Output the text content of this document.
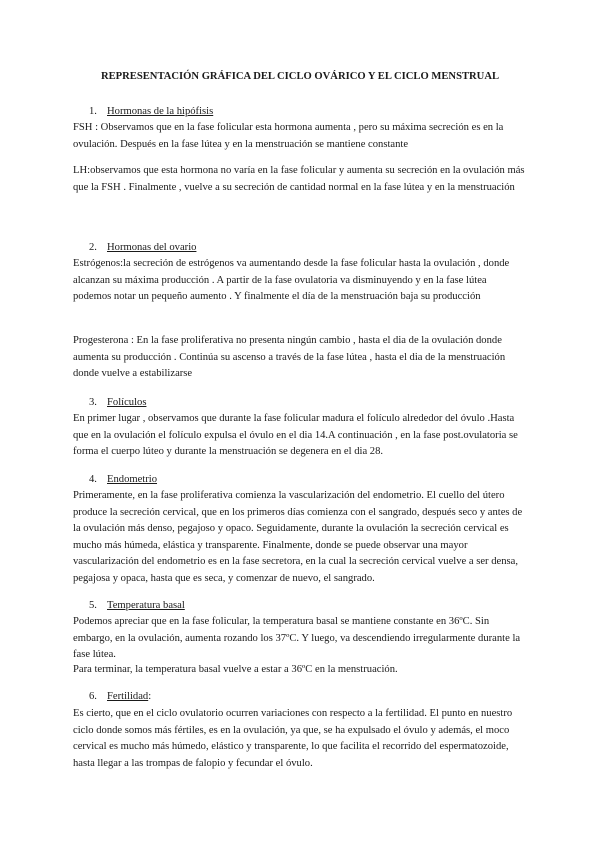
REPRESENTACIÓN GRÁFICA DEL CICLO OVÁRICO Y EL CICLO MENSTRUAL
1. Hormonas de la hipófisis
FSH : Observamos que en la fase folicular esta hormona aumenta , pero su máxima secreción es en la ovulación. Después en la fase lútea y en la menstruación se mantiene constante
LH:observamos que esta hormona no varía en la fase folicular y aumenta su secreción en la ovulación más que la FSH . Finalmente , vuelve a su secreción de cantidad normal en la fase lútea y en la menstruación
2. Hormonas del ovario
Estrógenos:la secreción de estrógenos va aumentando desde la fase folicular hasta la ovulación , donde alcanzan su máxima producción . A partir de la fase ovulatoria va disminuyendo y en la fase lútea podemos notar un pequeño aumento . Y finalmente el día de la menstruación baja su producción
Progesterona : En la fase proliferativa no presenta ningún cambio , hasta el dia de la ovulación donde aumenta su producción . Continúa su ascenso a través de la fase lútea , hasta el dia de la menstruación donde vuelve a estabilizarse
3. Folículos
En primer lugar , observamos que durante la fase folicular madura el folículo alrededor del óvulo .Hasta que en la ovulación el folículo expulsa el óvulo en el dia 14.A continuación , en la fase post.ovulatoria se forma el cuerpo lúteo y durante la menstruación se degenera en el dia 28.
4. Endometrio
Primeramente, en la fase proliferativa comienza la vascularización del endometrio. El cuello del útero produce la secreción cervical, que en los primeros días comienza con el sangrado, después seco y antes de la ovulación más denso, pegajoso y opaco. Seguidamente, durante la ovulación la secreción cervical es mucho más húmeda, elástica y transparente. Finalmente, donde se puede observar una mayor vascularización del endometrio es en la fase secretora, en la cual la secreción cervical vuelve a ser densa, pegajosa y opaca, hasta que es seca, y comenzar de nuevo, el sangrado.
5. Temperatura basal
Podemos apreciar que en la fase folicular, la temperatura basal se mantiene constante en 36ºC. Sin embargo, en la ovulación, aumenta rozando los 37ºC. Y luego, va descendiendo irregularmente durante la fase lútea.
Para terminar, la temperatura basal vuelve a estar a 36ºC en la menstruación.
6. Fertilidad:
Es cierto, que en el ciclo ovulatorio ocurren variaciones con respecto a la fertilidad. El punto en nuestro ciclo donde somos más fértiles, es en la ovulación, ya que, se ha expulsado el óvulo y además, el moco cervical es mucho más húmedo, elástico y transparente, lo que facilita el recorrido del espermatozoide, hasta llegar a las trompas de falopio y fecundar el óvulo.
